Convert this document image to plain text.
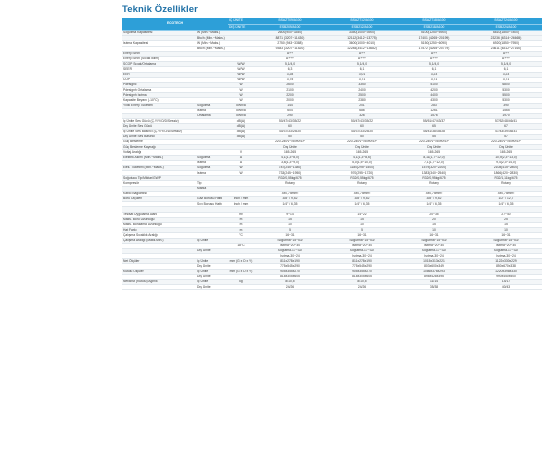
Teknik Özellikler
ECOTECH		İÇ ÜNİTE	BSAZT09/A100	BSAZT12/A100	BSAZT18/A100	BSAZT24/A100
		DIŞ ÜNİTE	ESB209/A100	ESB212/A100	ESB218/A100	ESB224/A100
Soğutma Kapasitesi	W (Min.~Maks.)		2600(900~3350)	3350(1000~3900)	5100(1250~5900)	6810(1850~7800)
	Btu/h (Min.~Maks.)		8871 (3207~11430)	12112(3412~13775)	17401 (4265~20199)	23236 (6314~26665)
Isıtma Kapasitesi	W (Min.~Maks.)		2750 (943~3388)	3600(1000~4010)	5150(1250~6090)	6920(1850~7950)
	Btu/h (Min.~Maks.)		9383 (3207~11520)	12284(3412~13682)	17572 (4265~20779)	23611 (6312~27160)
Enerji Sınıfı			A++	A++	A++	A++
Enerji Sınıfı (Sıcak İklim)			A+++	A+++	A+++	A+++
SCOP Sıcak/Ortalama		W/W	5,1/4,0	5,1/4,0	5,1/4,0	5,1/4,0
SEER		W/W	6,3	6,1	6,1	6,1
EER		W/W	3,28	3,01	3,23	3,23
COP		W/W	3,75	3,71	3,71	3,71
Pdesignc		W	2600	3350	5100	6800
Pdesignh Ortalama		W	2100	2400	4200	5300
Pdesignh Isıtma		W	2200	2500	4400	5500
Kapasite Beyanı (-10°C)		W	2000	2380	4300	5300
Yıllık Enerji Tüketimi	Soğutma	kWh/a	144	201	283	390
	Isıtma	kWh/a	604	686	1261	1565
	Ortalama	kWh/a	290	326	1576	1970
İç Ünite Ses Gücü (Ç.Y/Y/O/D/Sessiz)		dB(A)	50/47/43/35/22	50/47/43/35/22	55/51/47/43/37	57/52/48/46/41
Dış Ünite Ses Gücü		dB(A)	60	60	65	67
İç Ünite Ses Basıncı (Ç.Y/Y/O/D/Sessiz)		dB(A)	40/37/33/25/20	40/37/33/25/20	45/41/38/35/28	47/43/39/36/31
Dış Ünite Ses Basıncı		dB(A)	50	50	55	57
Güç Besleme			220-240V~/50Hz/1P	220-240V~/50Hz/1P	220-240V~/50Hz/1P	220-240V~/50Hz/1P
Güç Besleme Kaynağı			Dış Ünite	Dış Ünite	Dış Ünite	Dış Ünite
Voltaj Aralığı		V	165-265	165-265	165-265	165-265
Elektrik Akımı (Min.~Maks.)	Soğutma	A	4,1(1,3~8,0)	4,1(1,3~8,6)	8,11(1,7~12,0)	10,9(2,3~13,0)
	Isıtma	A	3,8(1,3~9,0)	5,0(1,5~10,0)	7,1(1,7~12,0)	9,4(2,3~14,0)
Elek. Tüketimi (Min.~Maks.)	Soğutma	W	787(245~1380)	1180(295~1500)	1579(320~2200)	2108(415~2800)
	Isıtma	W	733(245~1950)	970(295~1720)	1383(340~2540)	1866(420~2830)
Soğutucu Tip/Miktar/GWP			R32/0,55kg/675	R32/0,55kg/675	R32/0,95kg/675	R32/1,11kg/675
Kompresör	Tip		Rotary	Rotary	Rotary	Rotary
	Marka					
Kablo Bağlantısı			4x0,75mm²	4x0,75mm²	4x0,75mm²	4x0,75mm²
Boru Ölçüleri	Gaz Borusu Hattı	Inch / mm	3/8" / 9,52	3/8" / 9,52	3/8" / 9,52	1/2" / 12,7
	Sıvı Borusu Hattı	Inch / mm	1/4" / 6,35	1/4" / 6,35	1/4" / 6,35	1/4" / 6,35

Tesisat Uygulama Alanı		m²	9~14	14~22	20~35	27~40
Maks. Boru Uzunluğu		m	15	15	20	25
Maks. Borulama Uzunluğu		m	10	10	15	15
Hat Farkı		m	5	5	10	10
Çalışma Sıcaklık Aralığı		°C	16~31	16~31	16~31	16~31
Çalışma Aralığı (Maks.Min.)	İç Ünite		Soğutma~15~53/	Soğutma~15~53/	Soğutma~15~53/	Soğutma~15~53/
		18°C	Isıtma~20~30	Isıtma~20~30	Isıtma~20~30	Isıtma~20~30
	Dış Ünite		Soğutma-17~32/	Soğutma-17~32/	Soğutma-17~32/	Soğutma-17~32/
			Isıtma-30~24	Isıtma-30~24	Isıtma-30~24	Isıtma-30~24
Net Ölçüler	İç Ünite	mm (G x D x Y)	811x278x190	811x278x190	1015x313x221	1122x330x229
	Dış Ünite		775x545x290	775x545x290	803x600x349	850x670x338
Kutulu Ölçüler	İç Ünite	mm (G x D x Y)	905x355x270	905x355x270	1086x376x293	1220x398x330
	Dış Ünite		818x305x605	818x305x605	898x428x395	990x450x500
Net/Brüt (Kutulu) Ağırlık	İç Ünite	kg	8/10,5	8/10,5	11/14	14/17
	Dış Ünite		24/26	24/26	35/38	40/43
